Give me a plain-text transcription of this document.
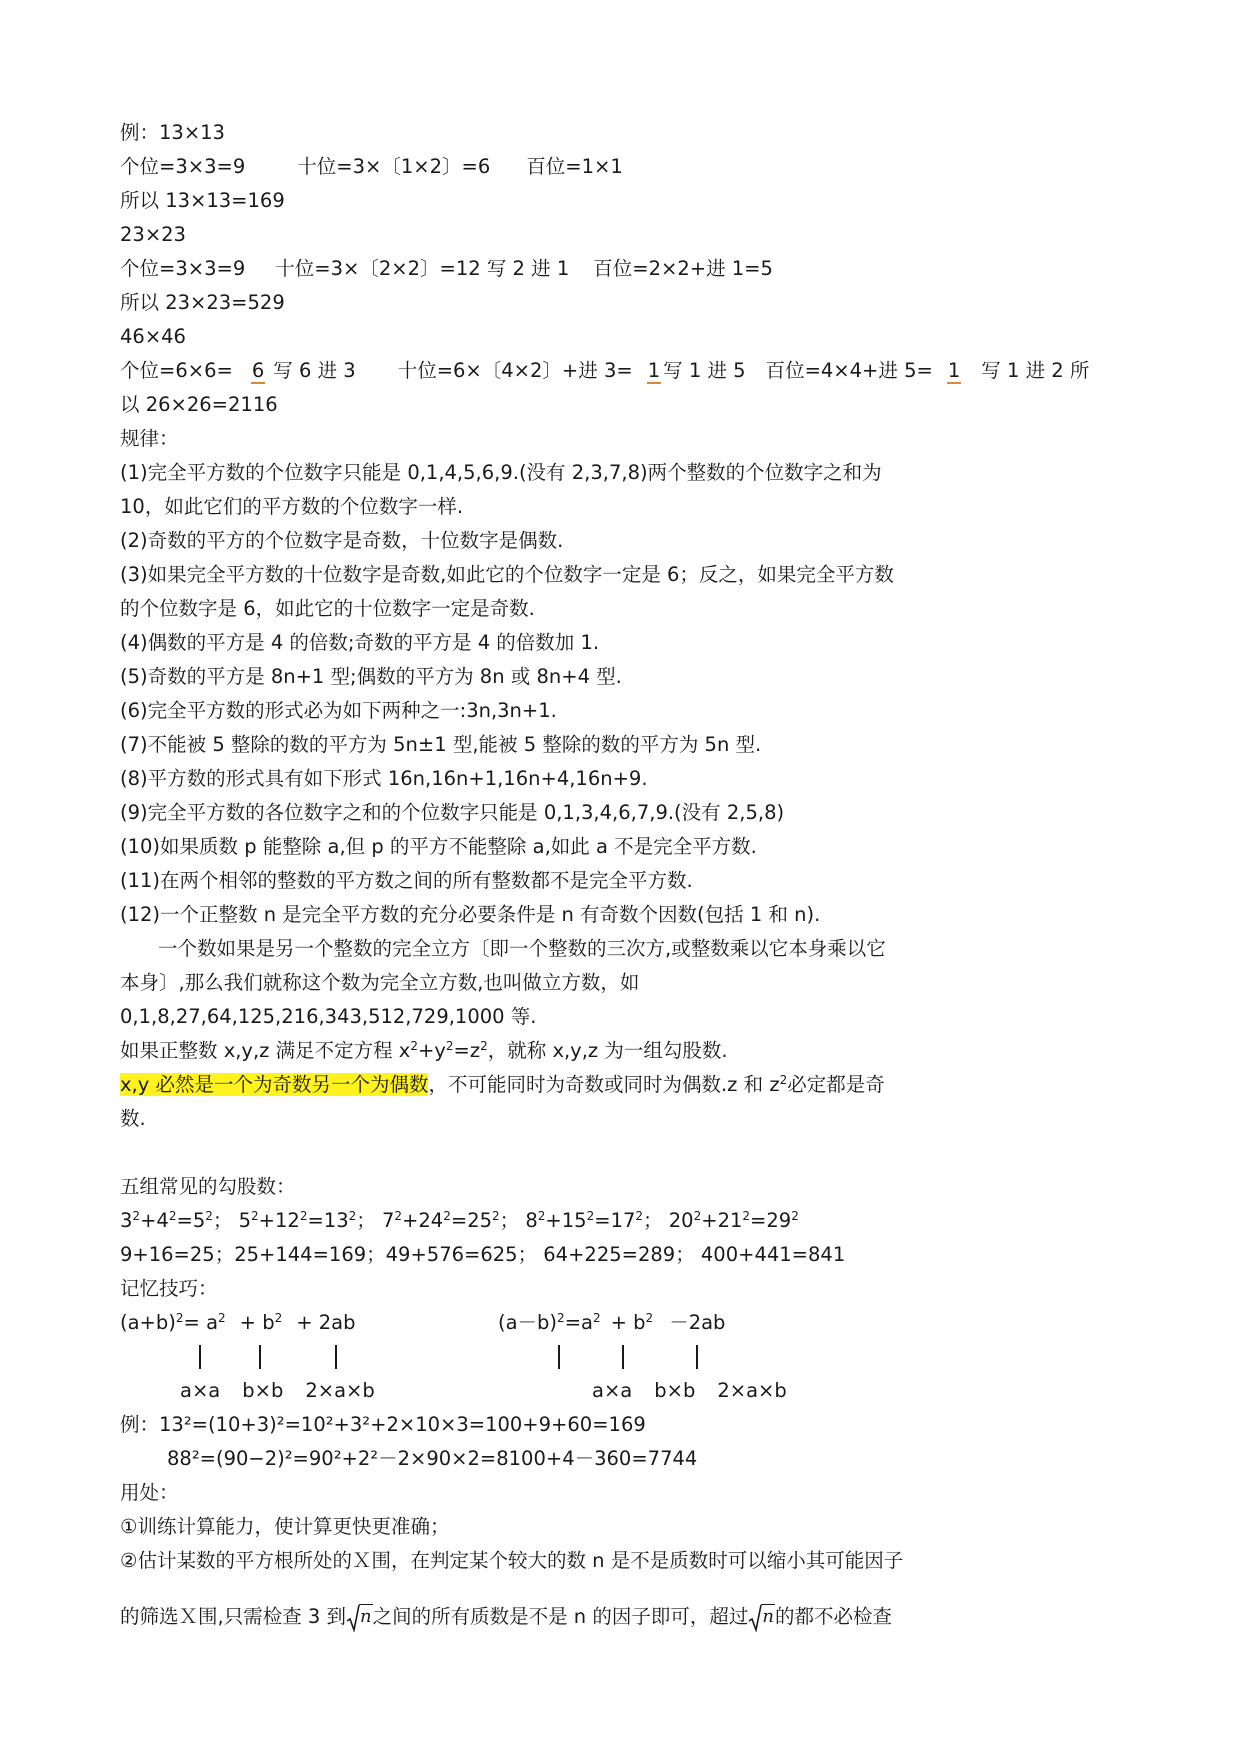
例：13×13
个位=3×3=9	十位=3×〔1×2〕=6 百位=1×1
所以 13×13=169
23×23
个位=3×3=9 十位=3×〔2×2〕=12 写 2 进 1 百位=2×2+进 1=5
所以 23×23=529
46×46
个位=6×6= 6 写 6 进 3 十位=6×〔4×2〕+进 3= 1 写 1 进 5 百位=4×4+进 5= 1 写 1 进 2 所
以 26×26=2116
规律：
(1)完全平方数的个位数字只能是 0,1,4,5,6,9.(没有 2,3,7,8)两个整数的个位数字之和为
10，如此它们的平方数的个位数字一样.
(2)奇数的平方的个位数字是奇数，十位数字是偶数.
(3)如果完全平方数的十位数字是奇数,如此它的个位数字一定是 6；反之，如果完全平方数
的个位数字是 6，如此它的十位数字一定是奇数.
(4)偶数的平方是 4 的倍数;奇数的平方是 4 的倍数加 1.
(5)奇数的平方是 8n+1 型;偶数的平方为 8n 或 8n+4 型.
(6)完全平方数的形式必为如下两种之一:3n,3n+1.
(7)不能被 5 整除的数的平方为 5n±1 型,能被 5 整除的数的平方为 5n 型.
(8)平方数的形式具有如下形式 16n,16n+1,16n+4,16n+9.
(9)完全平方数的各位数字之和的个位数字只能是 0,1,3,4,6,7,9.(没有 2,5,8)
(10)如果质数 p 能整除 a,但 p 的平方不能整除 a,如此 a 不是完全平方数.
(11)在两个相邻的整数的平方数之间的所有整数都不是完全平方数.
(12)一个正整数 n 是完全平方数的充分必要条件是 n 有奇数个因数(包括 1 和 n).
一个数如果是另一个整数的完全立方〔即一个整数的三次方,或整数乘以它本身乘以它
本身〕,那么我们就称这个数为完全立方数,也叫做立方数，如
0,1,8,27,64,125,216,343,512,729,1000 等.
如果正整数 x,y,z 满足不定方程 $x^2+y^2=z^2$，就称 x,y,z 为一组勾股数.
x,y 必然是一个为奇数另一个为偶数，不可能同时为奇数或同时为偶数.z 和 $z^2$必定都是奇
数.
五组常见的勾股数：
$3^2+4^2=5^2$； $5^2+12^2=13^2$； $7^2+24^2=25^2$； $8^2+15^2=17^2$； $20^2+21^2=29^2$
9+16=25；25+144=169；49+576=625； 64+225=289； 400+441=841
记忆技巧：
$(a+b)^2= a^2 + b^2 + 2ab$	$(a-b)^2=a^2 + b^2 -2ab$
a×a b×b 2×a×b	a×a b×b 2×a×b
例：13²=(10+3)²=10²+3²+2×10×3=100+9+60=169
88²=(90−2)²=90²+2²－2×90×2=8100+4－360=7744
用处：
①训练计算能力，使计算更快更准确；
②估计某数的平方根所处的Ｘ围，在判定某个较大的数 n 是不是质数时可以缩小其可能因子
的筛选Ｘ围,只需检查 3 到 n 之间的所有质数是不是 n 的因子即可，超过 n 的都不必检查
